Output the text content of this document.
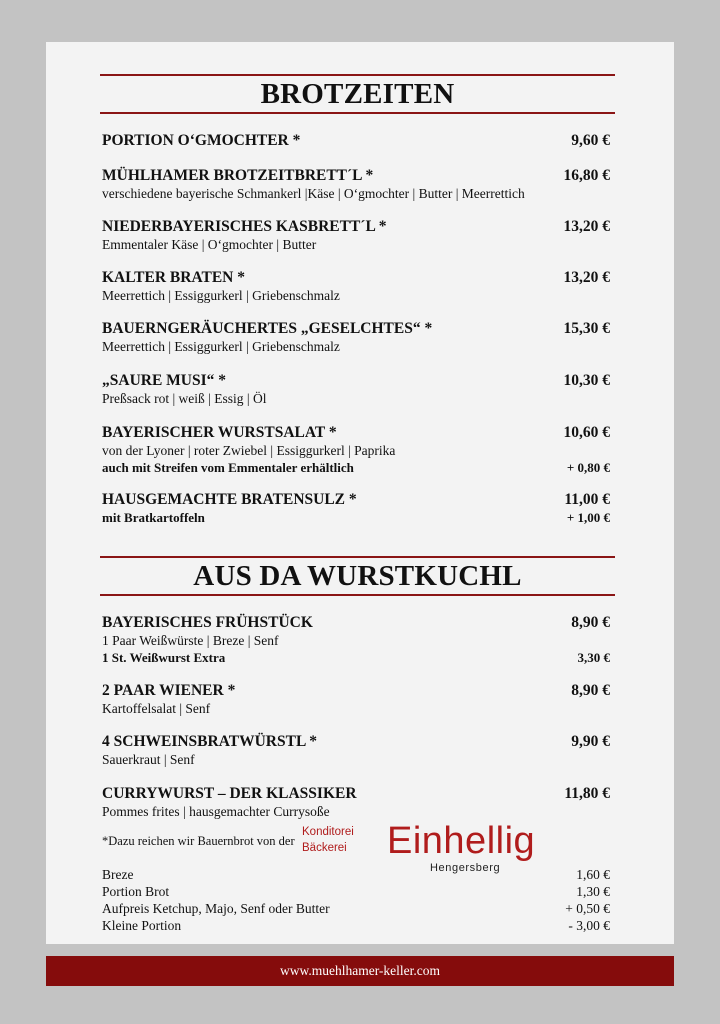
BROTZEITEN
PORTION O‘GMOCHTER *	9,60 €
MÜHLHAMER BROTZEITBRETT´L *	16,80 €
verschiedene bayerische Schmankerl |Käse | O‘gmochter | Butter | Meerrettich
NIEDERBAYERISCHES KASBRETT´L *	13,20 €
Emmentaler Käse | O‘gmochter | Butter
KALTER BRATEN *	13,20 €
Meerrettich | Essiggurkerl | Griebenschmalz
BAUERNGERÄUCHERTES „GESELCHTES“ *	15,30 €
Meerrettich | Essiggurkerl | Griebenschmalz
„SAURE MUSI“ *	10,30 €
Preßsack rot | weiß | Essig | Öl
BAYERISCHER WURSTSALAT *	10,60 €
von der Lyoner | roter Zwiebel | Essiggurkerl | Paprika
auch mit Streifen vom Emmentaler erhältlich	+ 0,80 €
HAUSGEMACHTE BRATENSULZ *	11,00 €
mit Bratkartoffeln	+ 1,00 €
AUS DA WURSTKUCHL
BAYERISCHES FRÜHSTÜCK	8,90 €
1 Paar Weißwürste | Breze | Senf
1 St. Weißwurst Extra	3,30 €
2 PAAR WIENER *	8,90 €
Kartoffelsalat | Senf
4 SCHWEINSBRATWÜRSTL *	9,90 €
Sauerkraut | Senf
CURRYWURST – DER KLASSIKER	11,80 €
Pommes frites | hausgemachter Currysoße
*Dazu reichen wir Bauernbrot von der
Konditorei
Bäckerei Einhellig
Hengersberg
Breze	1,60 €
Portion Brot	1,30 €
Aufpreis Ketchup, Majo, Senf oder Butter	+ 0,50 €
Kleine Portion	- 3,00 €
www.muehlhamer-keller.com
